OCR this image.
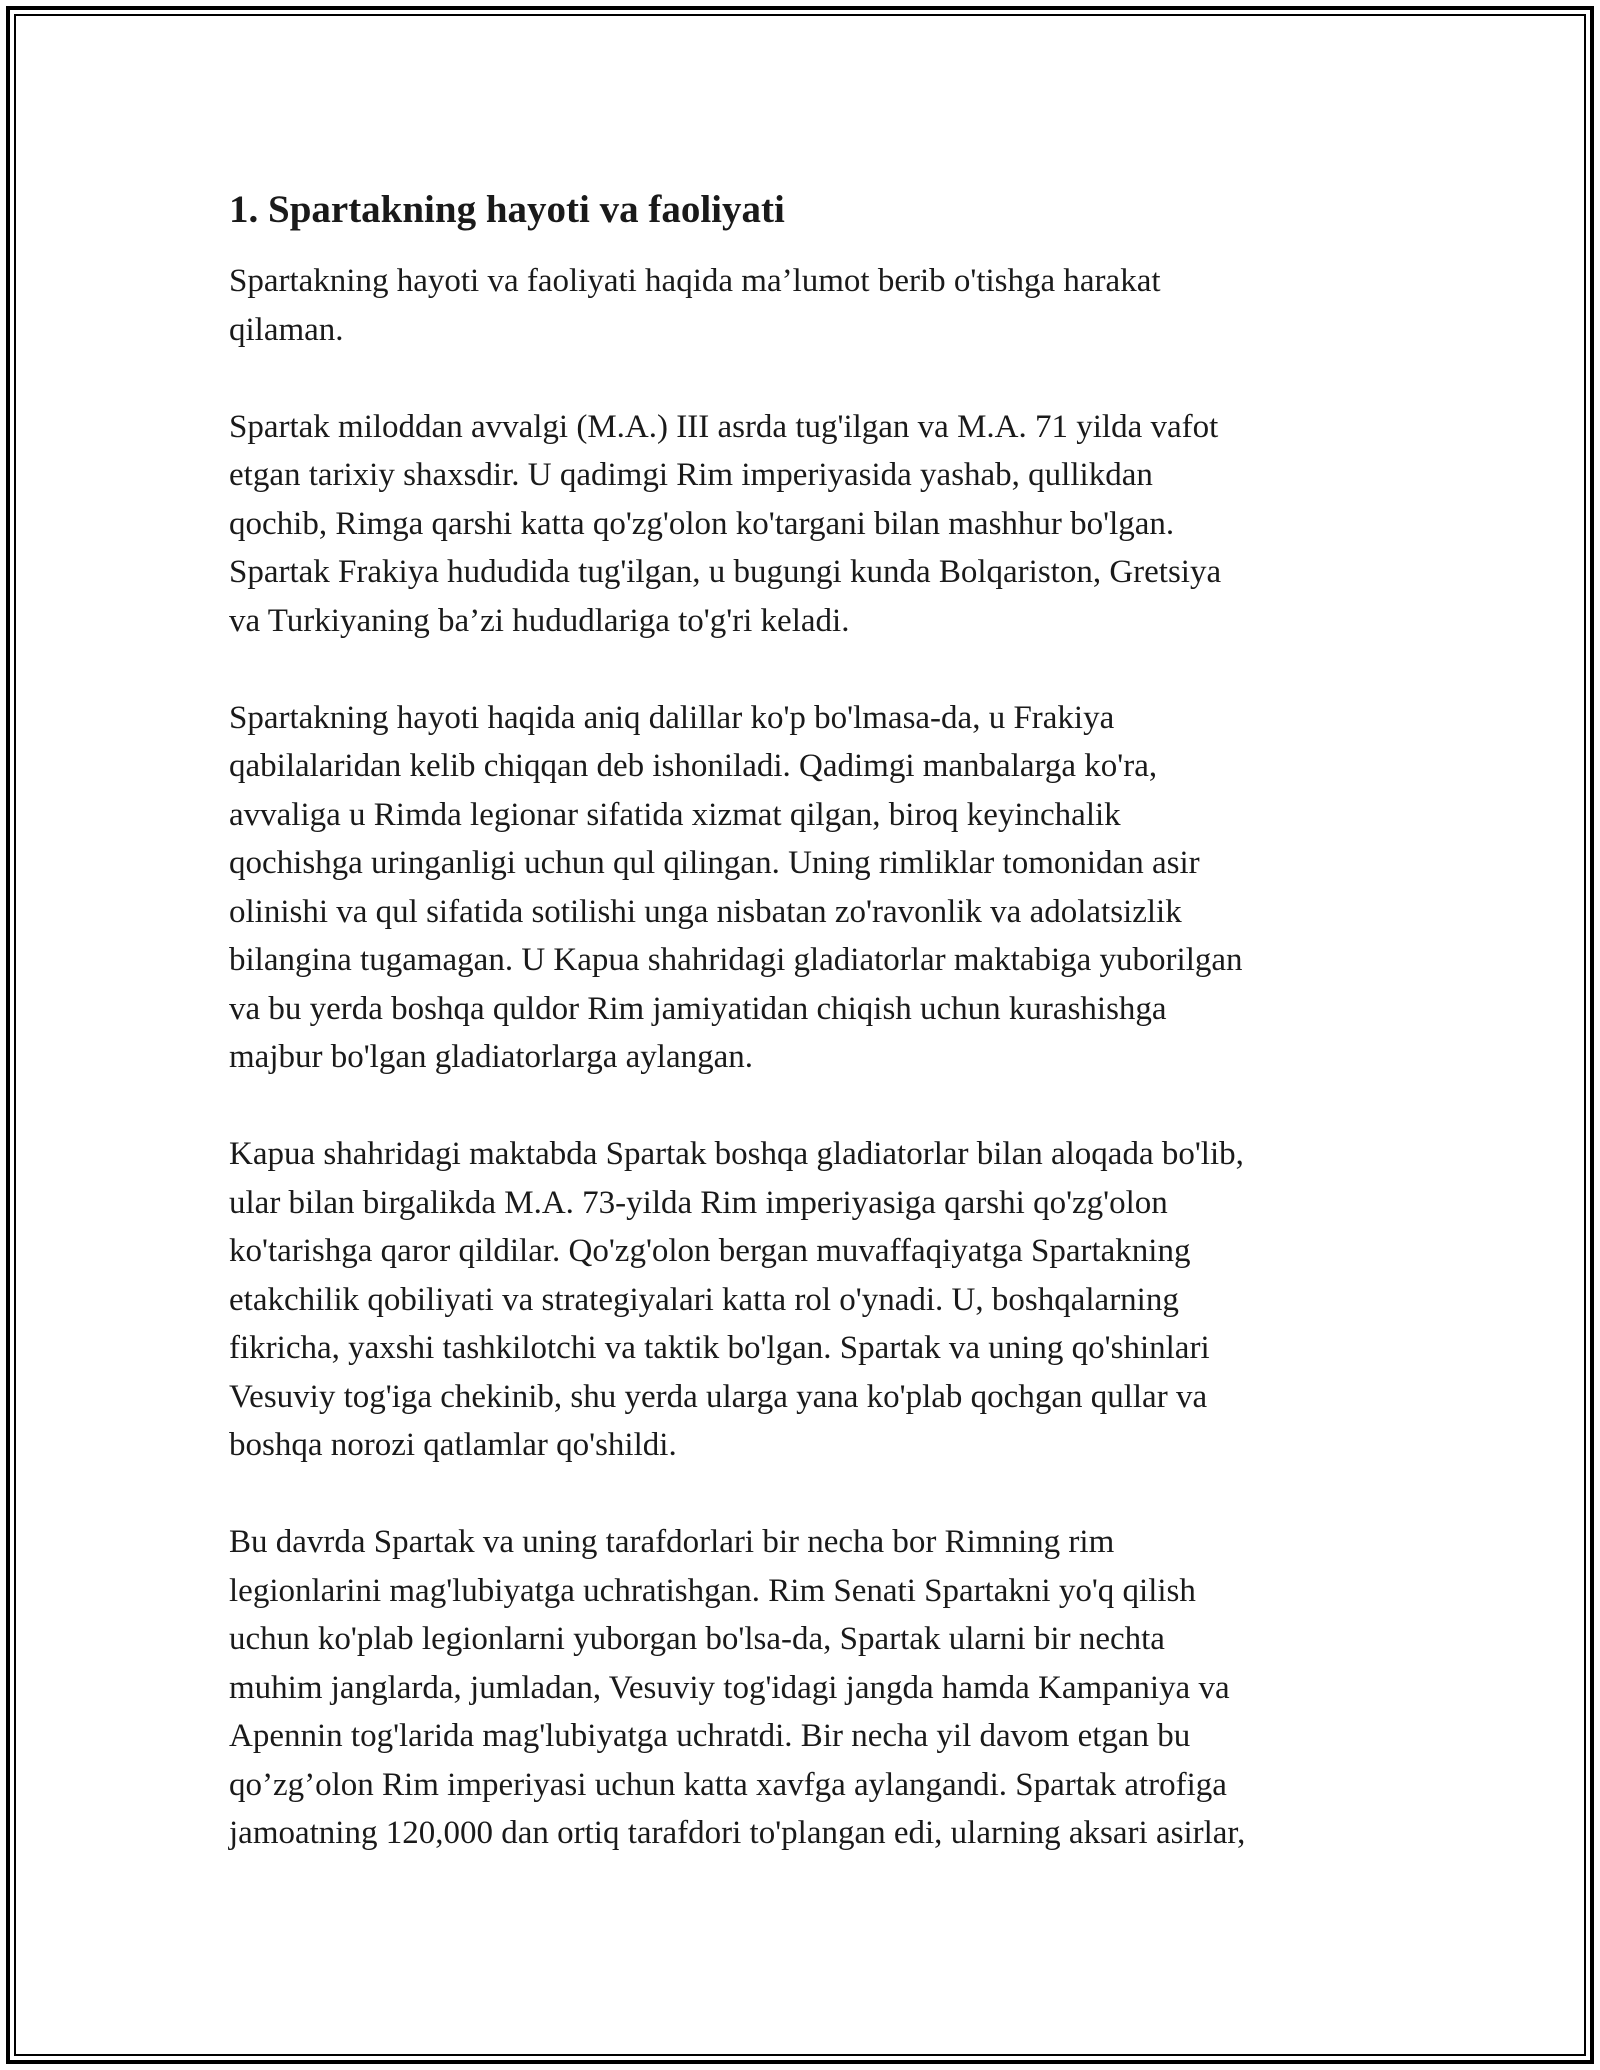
1. Spartakning hayoti va faoliyati

Spartakning hayoti va faoliyati haqida ma’lumot berib o'tishga harakat
qilaman.

Spartak miloddan avvalgi (M.A.) III asrda tug'ilgan va M.A. 71 yilda vafot
etgan tarixiy shaxsdir. U qadimgi Rim imperiyasida yashab, qullikdan
qochib, Rimga qarshi katta qo'zg'olon ko'targani bilan mashhur bo'lgan.
Spartak Frakiya hududida tug'ilgan, u bugungi kunda Bolqariston, Gretsiya
va Turkiyaning ba’zi hududlariga to'g'ri keladi.

Spartakning hayoti haqida aniq dalillar ko'p bo'lmasa-da, u Frakiya
qabilalaridan kelib chiqqan deb ishoniladi. Qadimgi manbalarga ko'ra,
avvaliga u Rimda legionar sifatida xizmat qilgan, biroq keyinchalik
qochishga uringanligi uchun qul qilingan. Uning rimliklar tomonidan asir
olinishi va qul sifatida sotilishi unga nisbatan zo'ravonlik va adolatsizlik
bilangina tugamagan. U Kapua shahridagi gladiatorlar maktabiga yuborilgan
va bu yerda boshqa quldor Rim jamiyatidan chiqish uchun kurashishga
majbur bo'lgan gladiatorlarga aylangan.

Kapua shahridagi maktabda Spartak boshqa gladiatorlar bilan aloqada bo'lib,
ular bilan birgalikda M.A. 73-yilda Rim imperiyasiga qarshi qo'zg'olon
ko'tarishga qaror qildilar. Qo'zg'olon bergan muvaffaqiyatga Spartakning
etakchilik qobiliyati va strategiyalari katta rol o'ynadi. U, boshqalarning
fikricha, yaxshi tashkilotchi va taktik bo'lgan. Spartak va uning qo'shinlari
Vesuviy tog'iga chekinib, shu yerda ularga yana ko'plab qochgan qullar va
boshqa norozi qatlamlar qo'shildi.

Bu davrda Spartak va uning tarafdorlari bir necha bor Rimning rim
legionlarini mag'lubiyatga uchratishgan. Rim Senati Spartakni yo'q qilish
uchun ko'plab legionlarni yuborgan bo'lsa-da, Spartak ularni bir nechta
muhim janglarda, jumladan, Vesuviy tog'idagi jangda hamda Kampaniya va
Apennin tog'larida mag'lubiyatga uchratdi. Bir necha yil davom etgan bu
qo’zg’olon Rim imperiyasi uchun katta xavfga aylangandi. Spartak atrofiga
jamoatning 120,000 dan ortiq tarafdori to'plangan edi, ularning aksari asirlar,
